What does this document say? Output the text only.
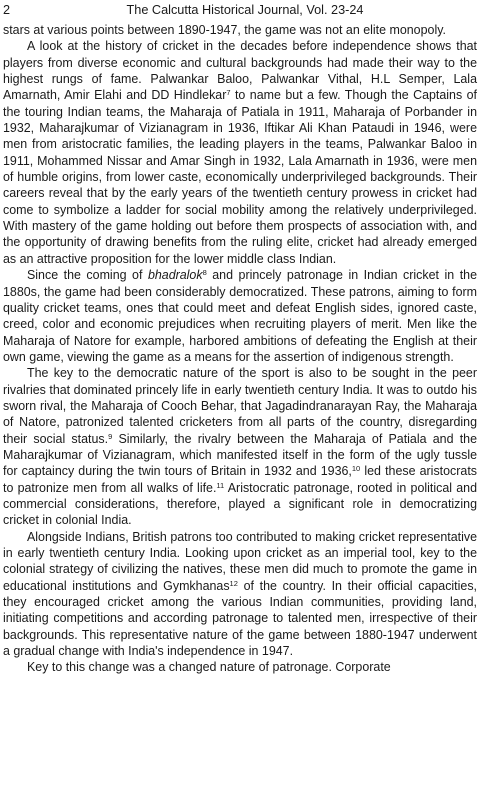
2	The Calcutta Historical Journal, Vol. 23-24

stars at various points between 1890-1947, the game was not an elite monopoly.

A look at the history of cricket in the decades before independence shows that players from diverse economic and cultural backgrounds had made their way to the highest rungs of fame. Palwankar Baloo, Palwankar Vithal, H.L Semper, Lala Amarnath, Amir Elahi and DD Hindlekar$^7$ to name but a few. Though the Captains of the touring Indian teams, the Maharaja of Patiala in 1911, Maharaja of Porbander in 1932, Maharajkumar of Vizianagram in 1936, Iftikar Ali Khan Pataudi in 1946, were men from aristocratic families, the leading players in the teams, Palwankar Baloo in 1911, Mohammed Nissar and Amar Singh in 1932, Lala Amarnath in 1936, were men of humble origins, from lower caste, economically underprivileged backgrounds. Their careers reveal that by the early years of the twentieth century prowess in cricket had come to symbolize a ladder for social mobility among the relatively underprivileged. With mastery of the game holding out before them prospects of association with, and the opportunity of drawing benefits from the ruling elite, cricket had already emerged as an attractive proposition for the lower middle class Indian.

Since the coming of bhadralok$^8$ and princely patronage in Indian cricket in the 1880s, the game had been considerably democratized. These patrons, aiming to form quality cricket teams, ones that could meet and defeat English sides, ignored caste, creed, color and economic prejudices when recruiting players of merit. Men like the Maharaja of Natore for example, harbored ambitions of defeating the English at their own game, viewing the game as a means for the assertion of indigenous strength.

The key to the democratic nature of the sport is also to be sought in the peer rivalries that dominated princely life in early twentieth century India. It was to outdo his sworn rival, the Maharaja of Cooch Behar, that Jagadindranarayan Ray, the Maharaja of Natore, patronized talented cricketers from all parts of the country, disregarding their social status.$^9$ Similarly, the rivalry between the Maharaja of Patiala and the Maharajkumar of Vizianagram, which manifested itself in the form of the ugly tussle for captaincy during the twin tours of Britain in 1932 and 1936,10 led these aristocrats to patronize men from all walks of life.$^{11}$ Aristocratic patronage, rooted in political and commercial considerations, therefore, played a significant role in democratizing cricket in colonial India.

Alongside Indians, British patrons too contributed to making cricket representative in early twentieth century India. Looking upon cricket as an imperial tool, key to the colonial strategy of civilizing the natives, these men did much to promote the game in educational institutions and Gymkhanas$^{12}$ of the country. In their official capacities, they encouraged cricket among the various Indian communities, providing land, initiating competitions and according patronage to talented men, irrespective of their backgrounds. This representative nature of the game between 1880-1947 underwent a gradual change with India's independence in 1947.

Key to this change was a changed nature of patronage. Corporate
